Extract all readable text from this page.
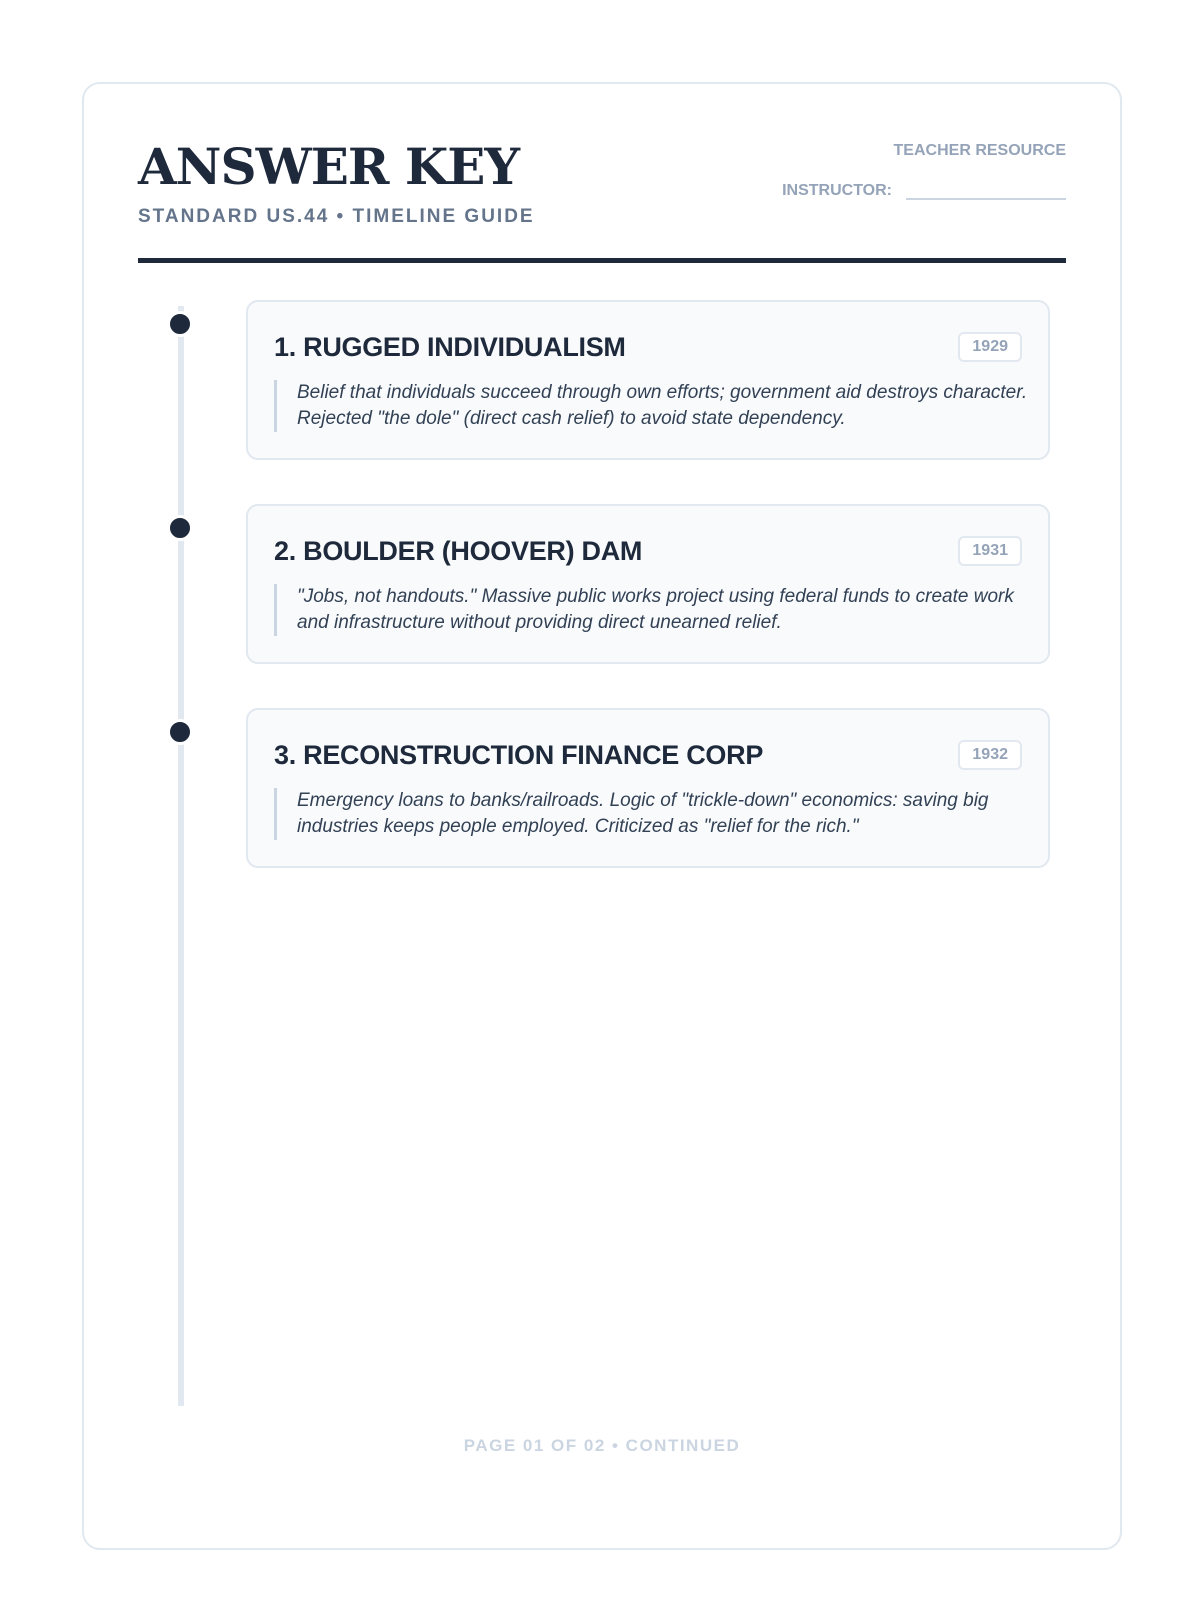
ANSWER KEY
STANDARD US.44 • TIMELINE GUIDE
TEACHER RESOURCE
INSTRUCTOR:
1. RUGGED INDIVIDUALISM	1929
Belief that individuals succeed through own efforts; government aid destroys character. Rejected "the dole" (direct cash relief) to avoid state dependency.
2. BOULDER (HOOVER) DAM	1931
"Jobs, not handouts." Massive public works project using federal funds to create work and infrastructure without providing direct unearned relief.
3. RECONSTRUCTION FINANCE CORP	1932
Emergency loans to banks/railroads. Logic of "trickle-down" economics: saving big industries keeps people employed. Criticized as "relief for the rich."
PAGE 01 OF 02 • CONTINUED
